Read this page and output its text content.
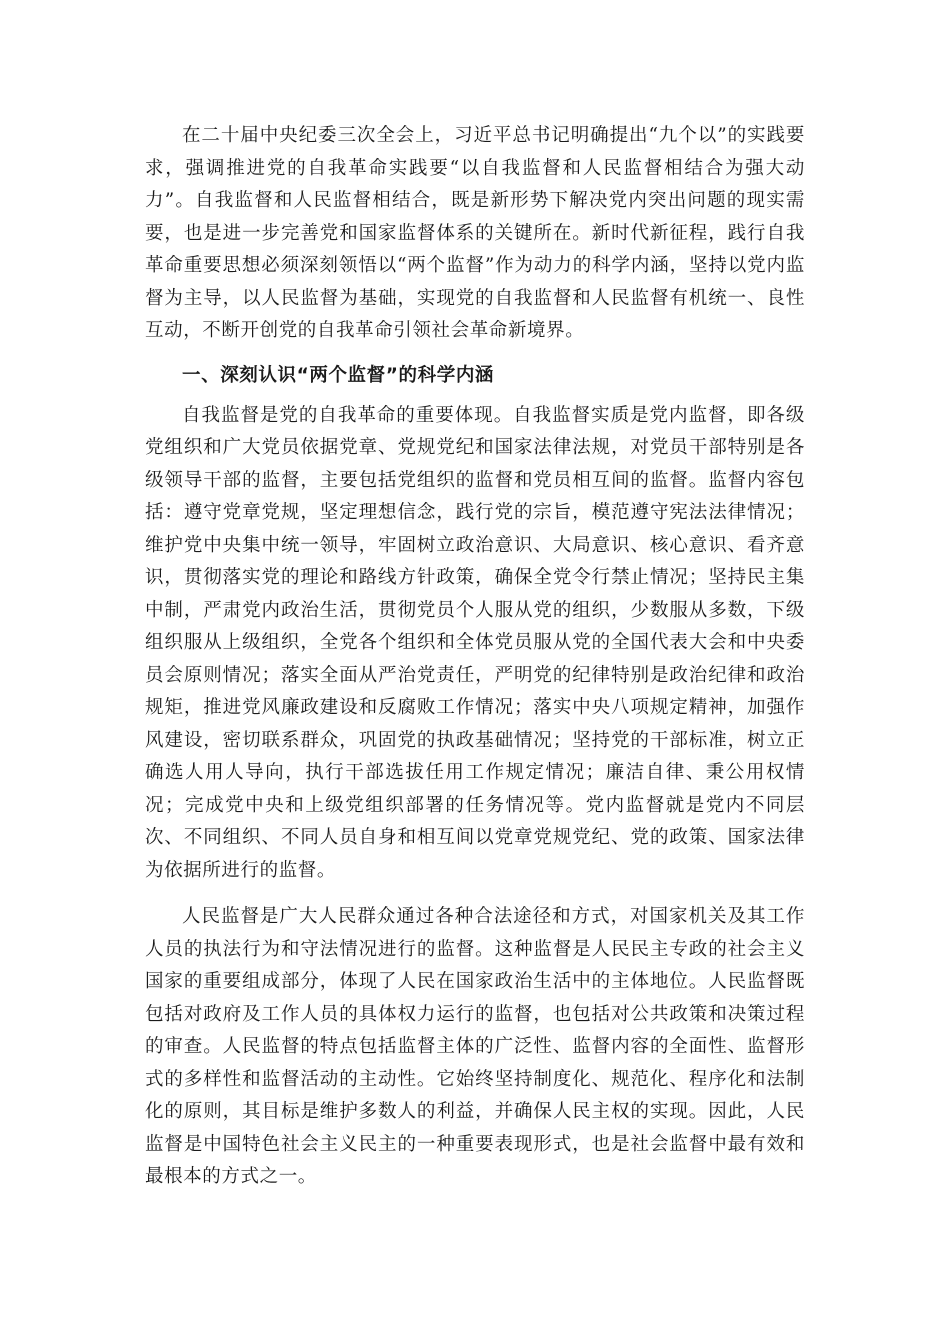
在二十届中央纪委三次全会上，习近平总书记明确提出“九个以”的实践要求，强调推进党的自我革命实践要“以自我监督和人民监督相结合为强大动力”。自我监督和人民监督相结合，既是新形势下解决党内突出问题的现实需要，也是进一步完善党和国家监督体系的关键所在。新时代新征程，践行自我革命重要思想必须深刻领悟以“两个监督”作为动力的科学内涵，坚持以党内监督为主导，以人民监督为基础，实现党的自我监督和人民监督有机统一、良性互动，不断开创党的自我革命引领社会革命新境界。

一、深刻认识“两个监督”的科学内涵

自我监督是党的自我革命的重要体现。自我监督实质是党内监督，即各级党组织和广大党员依据党章、党规党纪和国家法律法规，对党员干部特别是各级领导干部的监督，主要包括党组织的监督和党员相互间的监督。监督内容包括：遵守党章党规，坚定理想信念，践行党的宗旨，模范遵守宪法法律情况；维护党中央集中统一领导，牢固树立政治意识、大局意识、核心意识、看齐意识，贯彻落实党的理论和路线方针政策，确保全党令行禁止情况；坚持民主集中制，严肃党内政治生活，贯彻党员个人服从党的组织，少数服从多数，下级组织服从上级组织，全党各个组织和全体党员服从党的全国代表大会和中央委员会原则情况；落实全面从严治党责任，严明党的纪律特别是政治纪律和政治规矩，推进党风廉政建设和反腐败工作情况；落实中央八项规定精神，加强作风建设，密切联系群众，巩固党的执政基础情况；坚持党的干部标准，树立正确选人用人导向，执行干部选拔任用工作规定情况；廉洁自律、秉公用权情况；完成党中央和上级党组织部署的任务情况等。党内监督就是党内不同层次、不同组织、不同人员自身和相互间以党章党规党纪、党的政策、国家法律为依据所进行的监督。

人民监督是广大人民群众通过各种合法途径和方式，对国家机关及其工作人员的执法行为和守法情况进行的监督。这种监督是人民民主专政的社会主义国家的重要组成部分，体现了人民在国家政治生活中的主体地位。人民监督既包括对政府及工作人员的具体权力运行的监督，也包括对公共政策和决策过程的审查。人民监督的特点包括监督主体的广泛性、监督内容的全面性、监督形式的多样性和监督活动的主动性。它始终坚持制度化、规范化、程序化和法制化的原则，其目标是维护多数人的利益，并确保人民主权的实现。因此，人民监督是中国特色社会主义民主的一种重要表现形式，也是社会监督中最有效和最根本的方式之一。
